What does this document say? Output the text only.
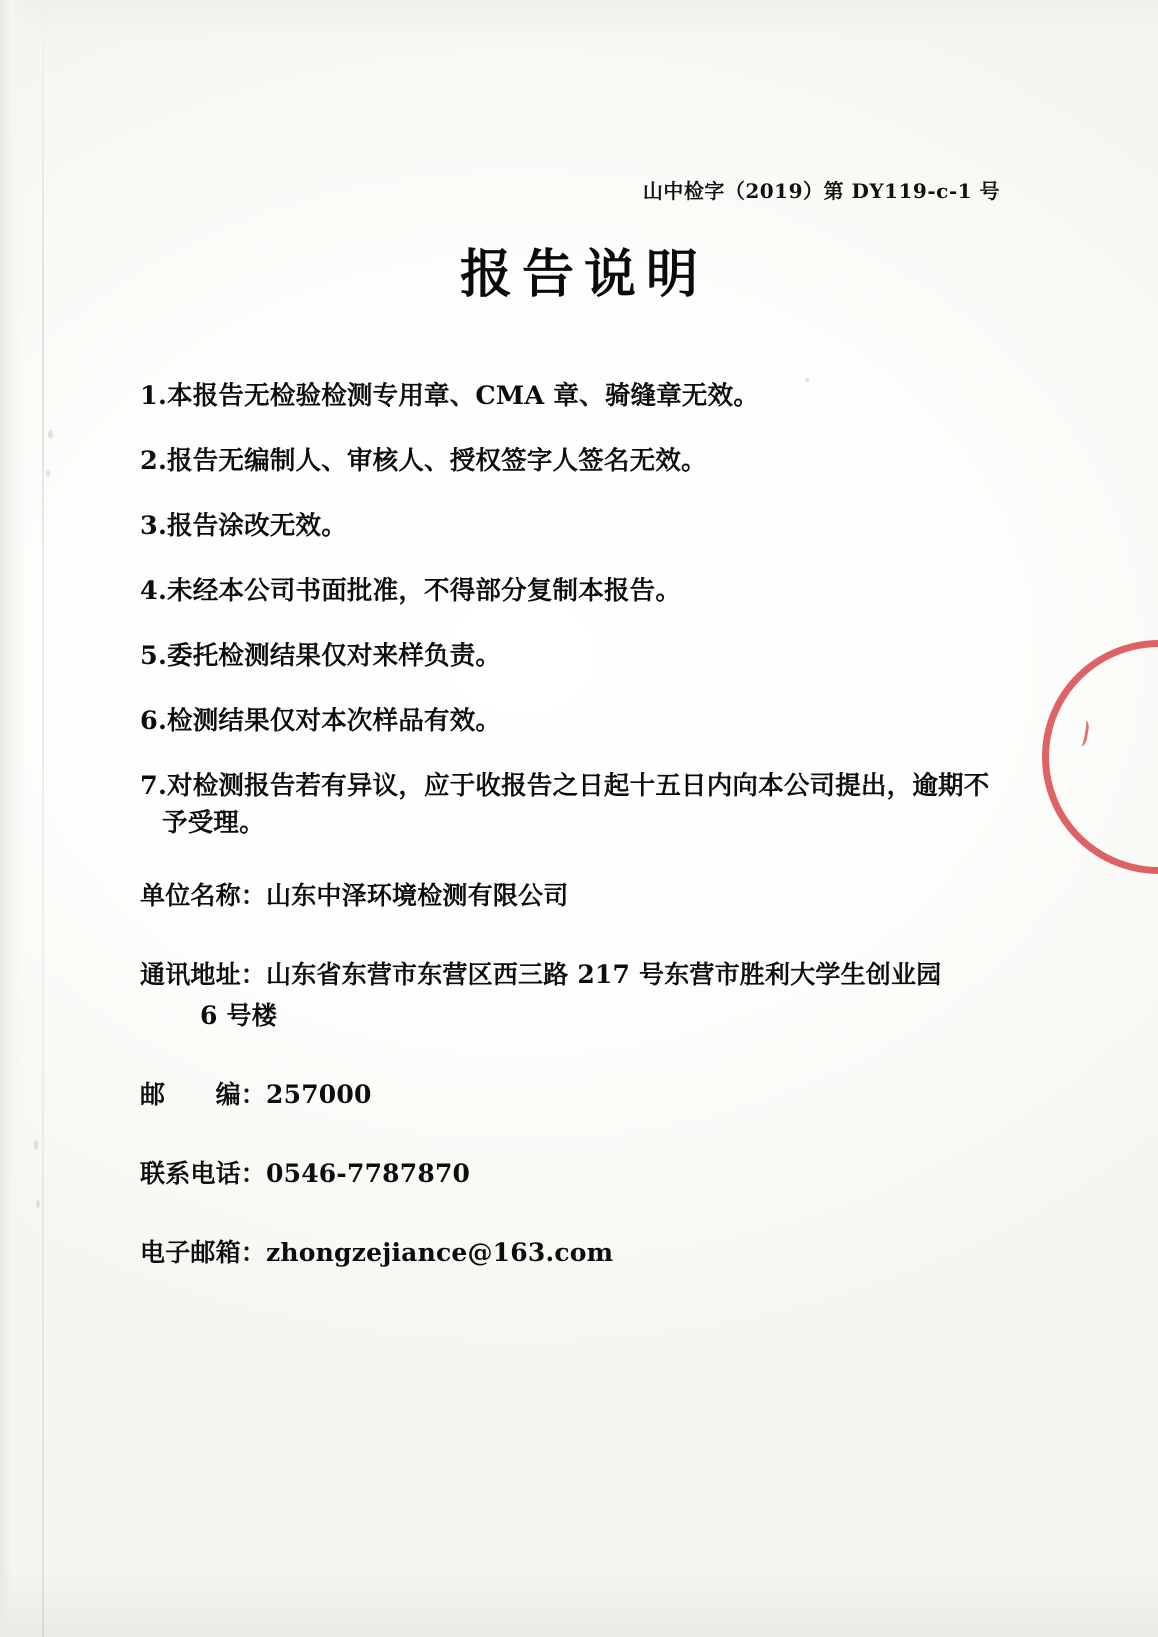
山中检字（2019）第 DY119-c-1 号
报告说明
1.本报告无检验检测专用章、CMA 章、骑缝章无效。
2.报告无编制人、审核人、授权签字人签名无效。
3.报告涂改无效。
4.未经本公司书面批准，不得部分复制本报告。
5.委托检测结果仅对来样负责。
6.检测结果仅对本次样品有效。
7.对检测报告若有异议，应于收报告之日起十五日内向本公司提出，逾期不
予受理。
单位名称：山东中泽环境检测有限公司
通讯地址：山东省东营市东营区西三路 217 号东营市胜利大学生创业园
6 号楼
邮　　编：257000
联系电话：0546-7787870
电子邮箱：zhongzejiance@163.com
